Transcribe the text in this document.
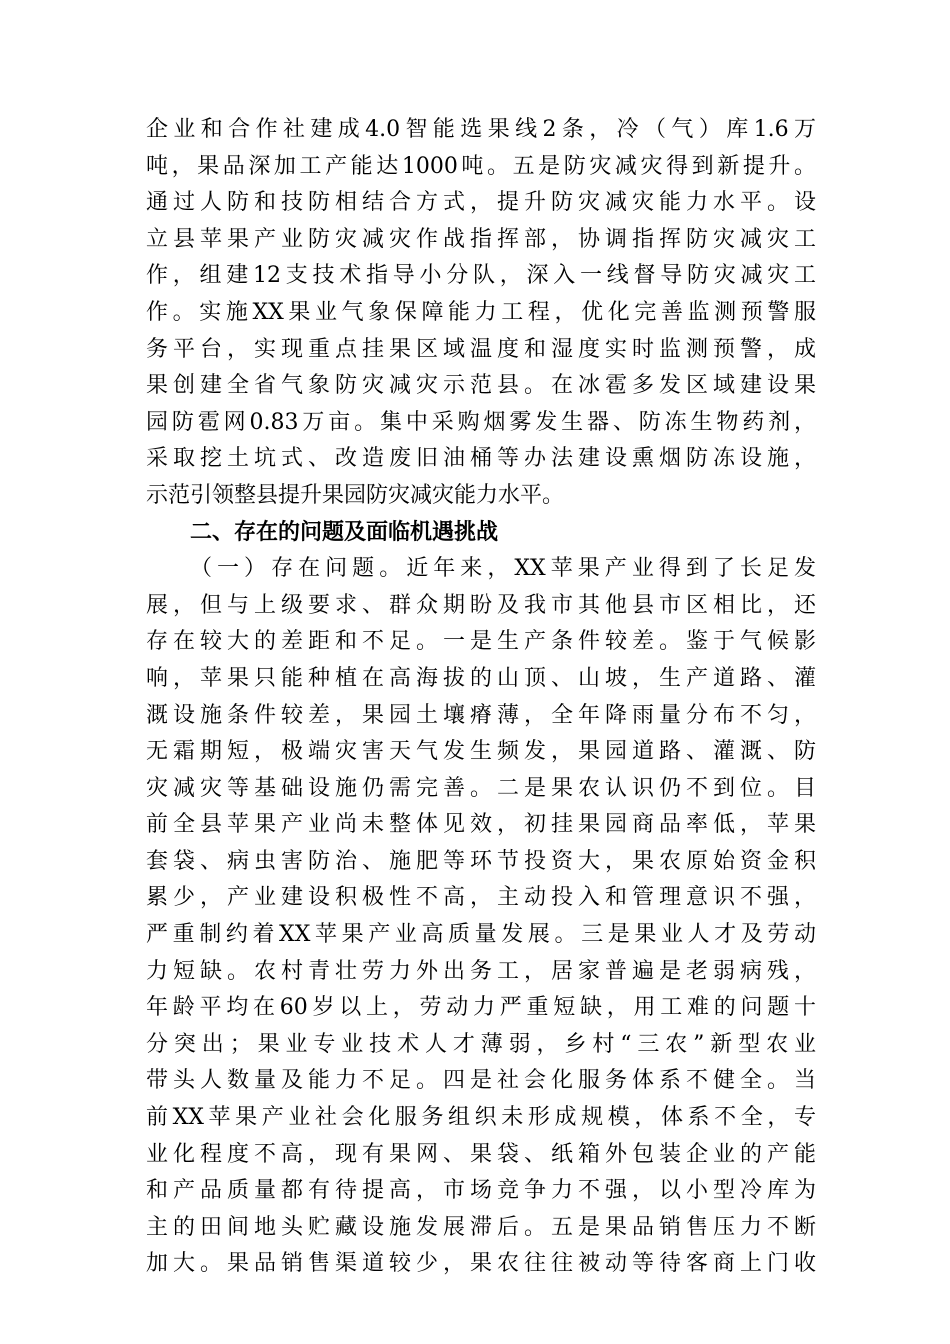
企业和合作社建成4.0智能选果线2条，冷（气）库1.6万
吨，果品深加工产能达1000吨。五是防灾减灾得到新提升。
通过人防和技防相结合方式，提升防灾减灾能力水平。设
立县苹果产业防灾减灾作战指挥部，协调指挥防灾减灾工
作，组建12支技术指导小分队，深入一线督导防灾减灾工
作。实施XX果业气象保障能力工程，优化完善监测预警服
务平台，实现重点挂果区域温度和湿度实时监测预警，成
果创建全省气象防灾减灾示范县。在冰雹多发区域建设果
园防雹网0.83万亩。集中采购烟雾发生器、防冻生物药剂，
采取挖土坑式、改造废旧油桶等办法建设熏烟防冻设施，
示范引领整县提升果园防灾减灾能力水平。
二、存在的问题及面临机遇挑战
（一）存在问题。近年来，XX苹果产业得到了长足发
展，但与上级要求、群众期盼及我市其他县市区相比，还
存在较大的差距和不足。一是生产条件较差。鉴于气候影
响，苹果只能种植在高海拔的山顶、山坡，生产道路、灌
溉设施条件较差，果园土壤瘠薄，全年降雨量分布不匀，
无霜期短，极端灾害天气发生频发，果园道路、灌溉、防
灾减灾等基础设施仍需完善。二是果农认识仍不到位。目
前全县苹果产业尚未整体见效，初挂果园商品率低，苹果
套袋、病虫害防治、施肥等环节投资大，果农原始资金积
累少，产业建设积极性不高，主动投入和管理意识不强，
严重制约着XX苹果产业高质量发展。三是果业人才及劳动
力短缺。农村青壮劳力外出务工，居家普遍是老弱病残，
年龄平均在60岁以上，劳动力严重短缺，用工难的问题十
分突出；果业专业技术人才薄弱，乡村“三农”新型农业
带头人数量及能力不足。四是社会化服务体系不健全。当
前XX苹果产业社会化服务组织未形成规模，体系不全，专
业化程度不高，现有果网、果袋、纸箱外包装企业的产能
和产品质量都有待提高，市场竞争力不强，以小型冷库为
主的田间地头贮藏设施发展滞后。五是果品销售压力不断
加大。果品销售渠道较少，果农往往被动等待客商上门收
